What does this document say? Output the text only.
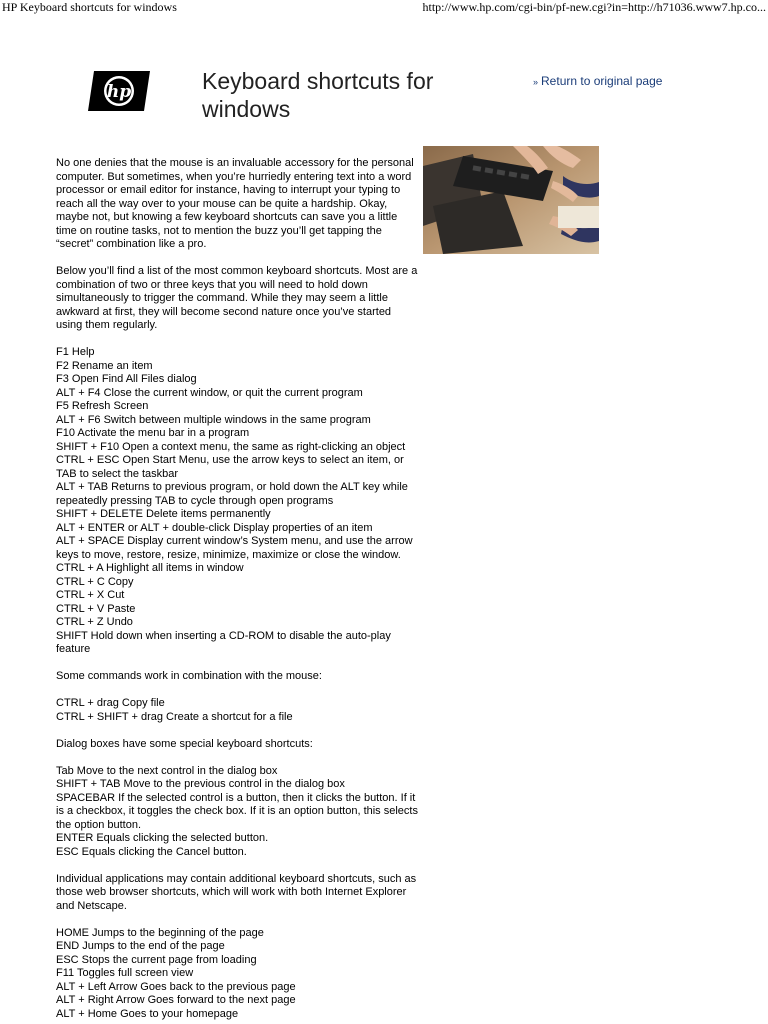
HP Keyboard shortcuts for windows	http://www.hp.com/cgi-bin/pf-new.cgi?in=http://h71036.www7.hp.co...
hp	Keyboard shortcuts for windows
» Return to original page

No one denies that the mouse is an invaluable accessory for the personal computer. But sometimes, when you’re hurriedly entering text into a word processor or email editor for instance, having to interrupt your typing to reach all the way over to your mouse can be quite a hardship. Okay, maybe not, but knowing a few keyboard shortcuts can save you a little time on routine tasks, not to mention the buzz you’ll get tapping the “secret” combination like a pro.

Below you’ll find a list of the most common keyboard shortcuts. Most are a combination of two or three keys that you will need to hold down simultaneously to trigger the command. While they may seem a little awkward at first, they will become second nature once you’ve started using them regularly.

F1 Help

F2 Rename an item

F3 Open Find All Files dialog

ALT + F4 Close the current window, or quit the current program

F5 Refresh Screen

ALT + F6 Switch between multiple windows in the same program

F10 Activate the menu bar in a program

SHIFT + F10 Open a context menu, the same as right-clicking an object

CTRL + ESC Open Start Menu, use the arrow keys to select an item, or TAB to select the taskbar

ALT + TAB Returns to previous program, or hold down the ALT key while repeatedly pressing TAB to cycle through open programs

SHIFT + DELETE Delete items permanently

ALT + ENTER or ALT + double-click Display properties of an item

ALT + SPACE Display current window’s System menu, and use the arrow keys to move, restore, resize, minimize, maximize or close the window.

CTRL + A Highlight all items in window

CTRL + C Copy

CTRL + X Cut

CTRL + V Paste

CTRL + Z Undo

SHIFT Hold down when inserting a CD-ROM to disable the auto-play feature

Some commands work in combination with the mouse:

CTRL + drag Copy file

CTRL + SHIFT + drag Create a shortcut for a file

Dialog boxes have some special keyboard shortcuts:

Tab Move to the next control in the dialog box

SHIFT + TAB Move to the previous control in the dialog box

SPACEBAR If the selected control is a button, then it clicks the button. If it is a checkbox, it toggles the check box. If it is an option button, this selects the option button.

ENTER Equals clicking the selected button.

ESC Equals clicking the Cancel button.

Individual applications may contain additional keyboard shortcuts, such as those web browser shortcuts, which will work with both Internet Explorer and Netscape.

HOME Jumps to the beginning of the page

END Jumps to the end of the page

ESC Stops the current page from loading

F11 Toggles full screen view

ALT + Left Arrow Goes back to the previous page

ALT + Right Arrow Goes forward to the next page

ALT + Home Goes to your homepage
